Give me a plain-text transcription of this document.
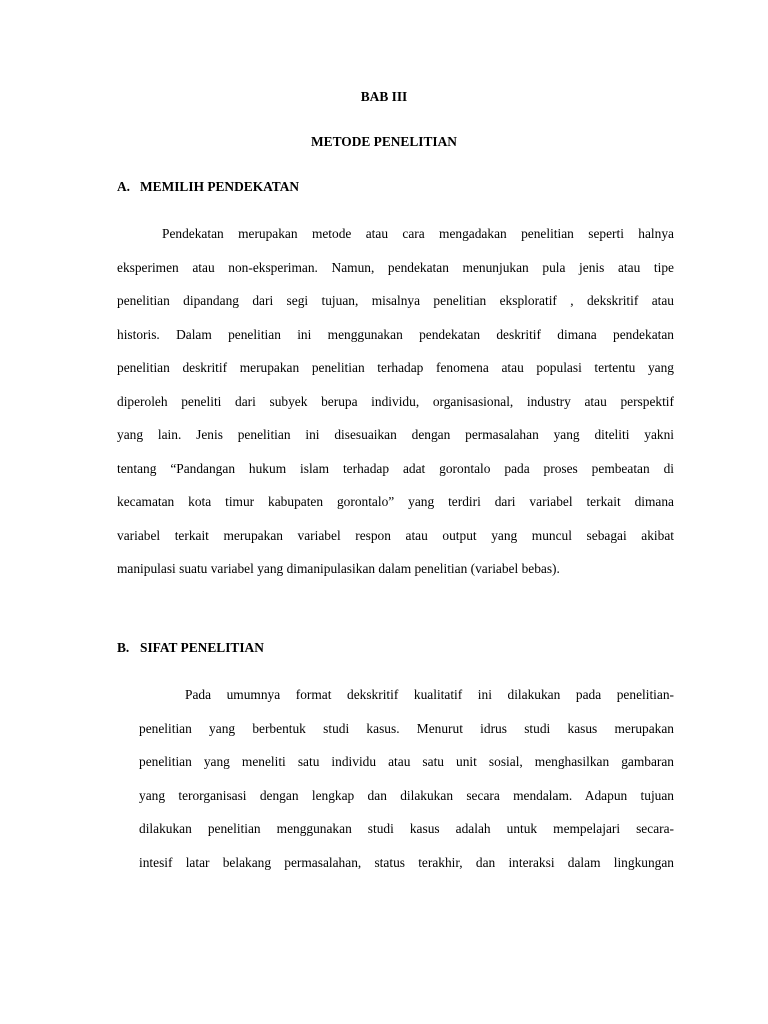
BAB III
METODE PENELITIAN
A. MEMILIH PENDEKATAN
Pendekatan merupakan metode atau cara mengadakan penelitian seperti halnya
eksperimen atau non-eksperiman. Namun, pendekatan menunjukan pula jenis atau tipe
penelitian dipandang dari segi tujuan, misalnya penelitian eksploratif , dekskritif atau
historis. Dalam penelitian ini menggunakan pendekatan deskritif dimana pendekatan
penelitian deskritif merupakan penelitian terhadap fenomena atau populasi tertentu yang
diperoleh peneliti dari subyek berupa individu, organisasional, industry atau perspektif
yang lain. Jenis penelitian ini disesuaikan dengan permasalahan yang diteliti yakni
tentang “Pandangan hukum islam terhadap adat gorontalo pada proses pembeatan di
kecamatan kota timur kabupaten gorontalo” yang terdiri dari variabel terkait dimana
variabel terkait merupakan variabel respon atau output yang muncul sebagai akibat
manipulasi suatu variabel yang dimanipulasikan dalam penelitian (variabel bebas).
B. SIFAT PENELITIAN
Pada umumnya format dekskritif kualitatif ini dilakukan pada penelitian-
penelitian yang berbentuk studi kasus. Menurut idrus studi kasus merupakan
penelitian yang meneliti satu individu atau satu unit sosial, menghasilkan gambaran
yang terorganisasi dengan lengkap dan dilakukan secara mendalam. Adapun tujuan
dilakukan penelitian menggunakan studi kasus adalah untuk mempelajari secara-
intesif latar belakang permasalahan, status terakhir, dan interaksi dalam lingkungan
